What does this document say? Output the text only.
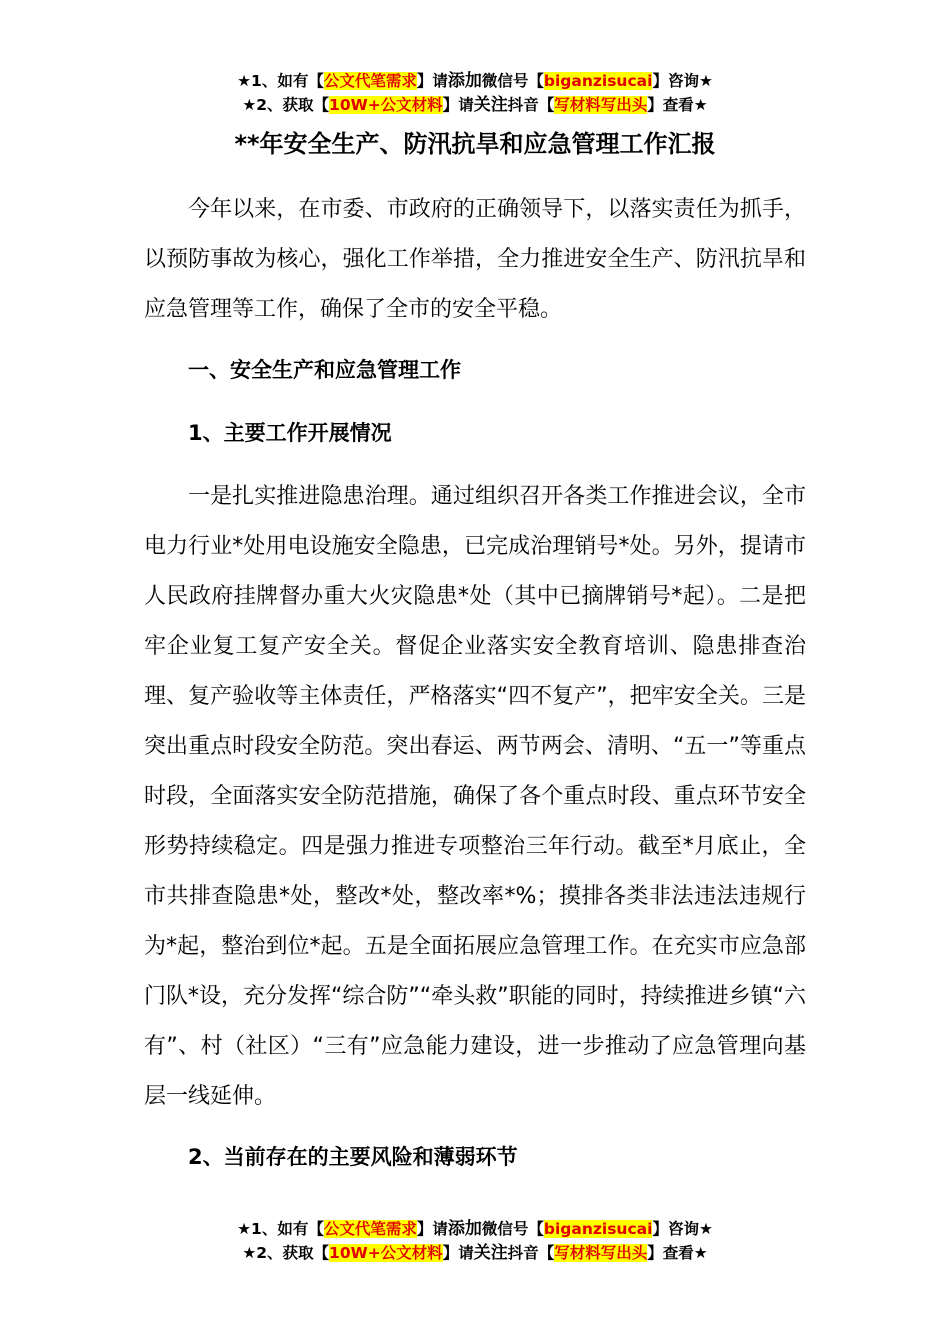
★1、如有【公文代笔需求】请添加微信号【biganzisucai】咨询★
★2、获取【10W+公文材料】请关注抖音【写材料写出头】查看★
**年安全生产、防汛抗旱和应急管理工作汇报

今年以来，在市委、市政府的正确领导下，以落实责任为抓手，以预防事故为核心，强化工作举措，全力推进安全生产、防汛抗旱和应急管理等工作，确保了全市的安全平稳。

一、安全生产和应急管理工作
1、主要工作开展情况

一是扎实推进隐患治理。通过组织召开各类工作推进会议，全市电力行业*处用电设施安全隐患，已完成治理销号*处。另外，提请市人民政府挂牌督办重大火灾隐患*处（其中已摘牌销号*起）。二是把牢企业复工复产安全关。督促企业落实安全教育培训、隐患排查治理、复产验收等主体责任，严格落实“四不复产”，把牢安全关。三是突出重点时段安全防范。突出春运、两节两会、清明、“五一”等重点时段，全面落实安全防范措施，确保了各个重点时段、重点环节安全形势持续稳定。四是强力推进专项整治三年行动。截至*月底止，全市共排查隐患*处，整改*处，整改率*%；摸排各类非法违法违规行为*起，整治到位*起。五是全面拓展应急管理工作。在充实市应急部门队*设，充分发挥“综合防”“牵头救”职能的同时，持续推进乡镇“六有”、村（社区）“三有”应急能力建设，进一步推动了应急管理向基层一线延伸。

2、当前存在的主要风险和薄弱环节
★1、如有【公文代笔需求】请添加微信号【biganzisucai】咨询★
★2、获取【10W+公文材料】请关注抖音【写材料写出头】查看★
